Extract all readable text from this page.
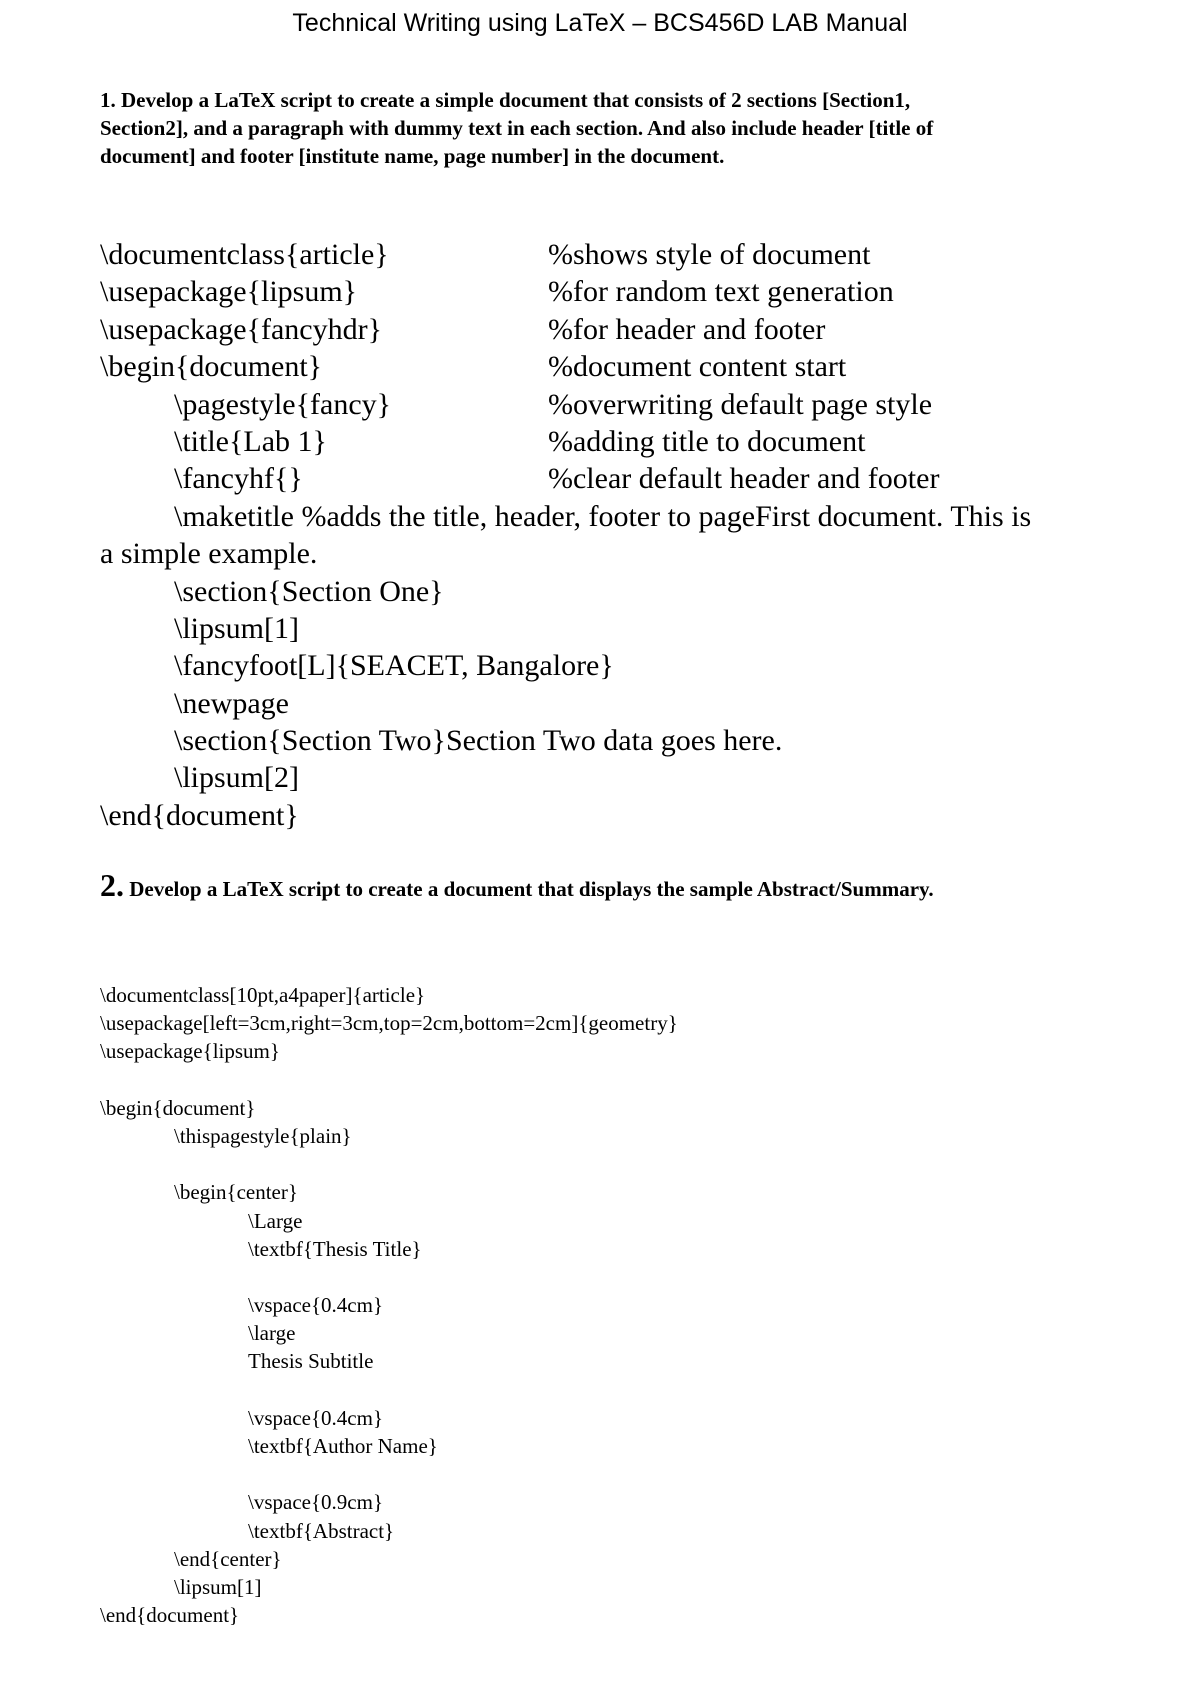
Technical Writing using LaTeX – BCS456D LAB Manual
1. Develop a LaTeX script to create a simple document that consists of 2 sections [Section1, Section2], and a paragraph with dummy text in each section. And also include header [title of document] and footer [institute name, page number] in the document.
\documentclass{article}	%shows style of document
\usepackage{lipsum}	%for random text generation
\usepackage{fancyhdr}	%for header and footer
\begin{document}	%document content start
\pagestyle{fancy}	%overwriting default page style
\title{Lab 1}	%adding title to document
\fancyhf{}	%clear default header and footer
\maketitle %adds the title, header, footer to pageFirst document. This is
a simple example.
\section{Section One}
\lipsum[1]
\fancyfoot[L]{SEACET, Bangalore}
\newpage
\section{Section Two}Section Two data goes here.
\lipsum[2]
\end{document}
2. Develop a LaTeX script to create a document that displays the sample Abstract/Summary.
\documentclass[10pt,a4paper]{article}
\usepackage[left=3cm,right=3cm,top=2cm,bottom=2cm]{geometry}
\usepackage{lipsum}
\begin{document}
\thispagestyle{plain}
\begin{center}
\Large
\textbf{Thesis Title}
\vspace{0.4cm}
\large
Thesis Subtitle
\vspace{0.4cm}
\textbf{Author Name}
\vspace{0.9cm}
\textbf{Abstract}
\end{center}
\lipsum[1]
\end{document}
